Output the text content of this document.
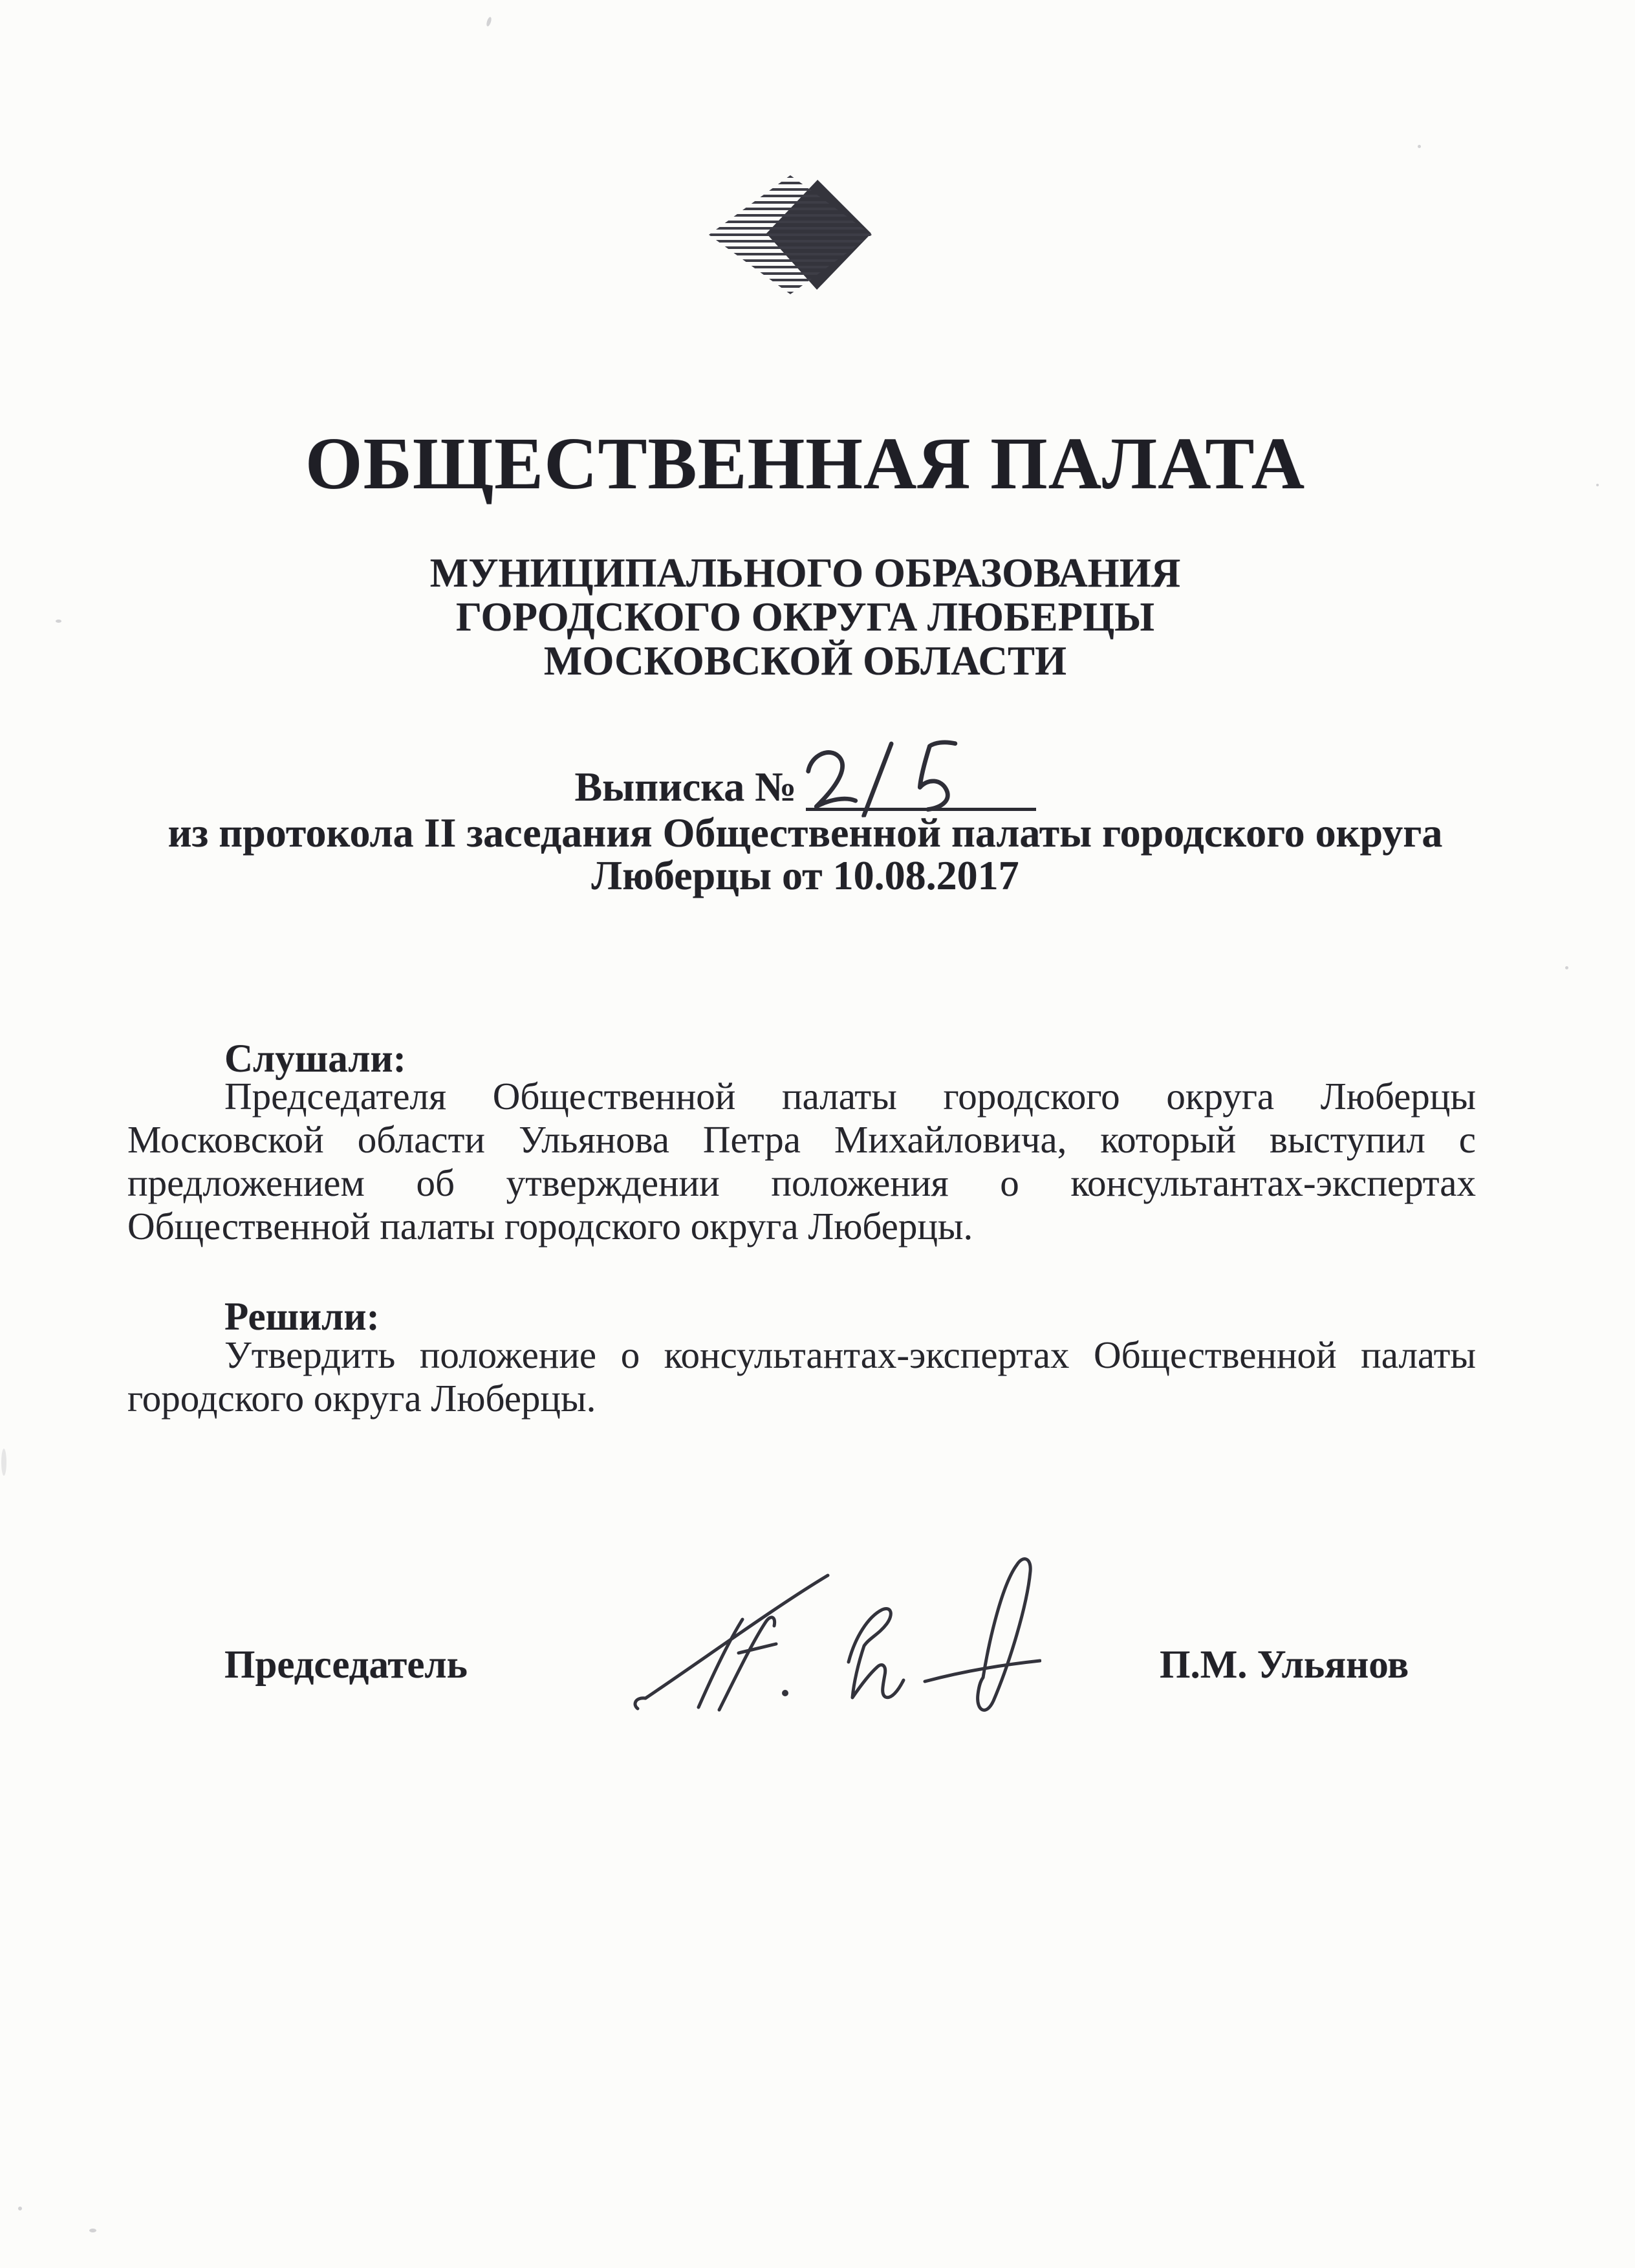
ОБЩЕСТВЕННАЯ ПАЛАТА
МУНИЦИПАЛЬНОГО ОБРАЗОВАНИЯ
ГОРОДСКОГО ОКРУГА ЛЮБЕРЦЫ
МОСКОВСКОЙ ОБЛАСТИ
Выписка №
из протокола II заседания Общественной палаты городского округа
Люберцы от 10.08.2017
Слушали:
Председателя Общественной палаты городского округа Люберцы
Московской области Ульянова Петра Михайловича, который выступил с
предложением об утверждении положения о консультантах-экспертах
Общественной палаты городского округа Люберцы.
Решили:
Утвердить положение о консультантах-экспертах Общественной палаты
городского округа Люберцы.
Председатель	П.М. Ульянов
